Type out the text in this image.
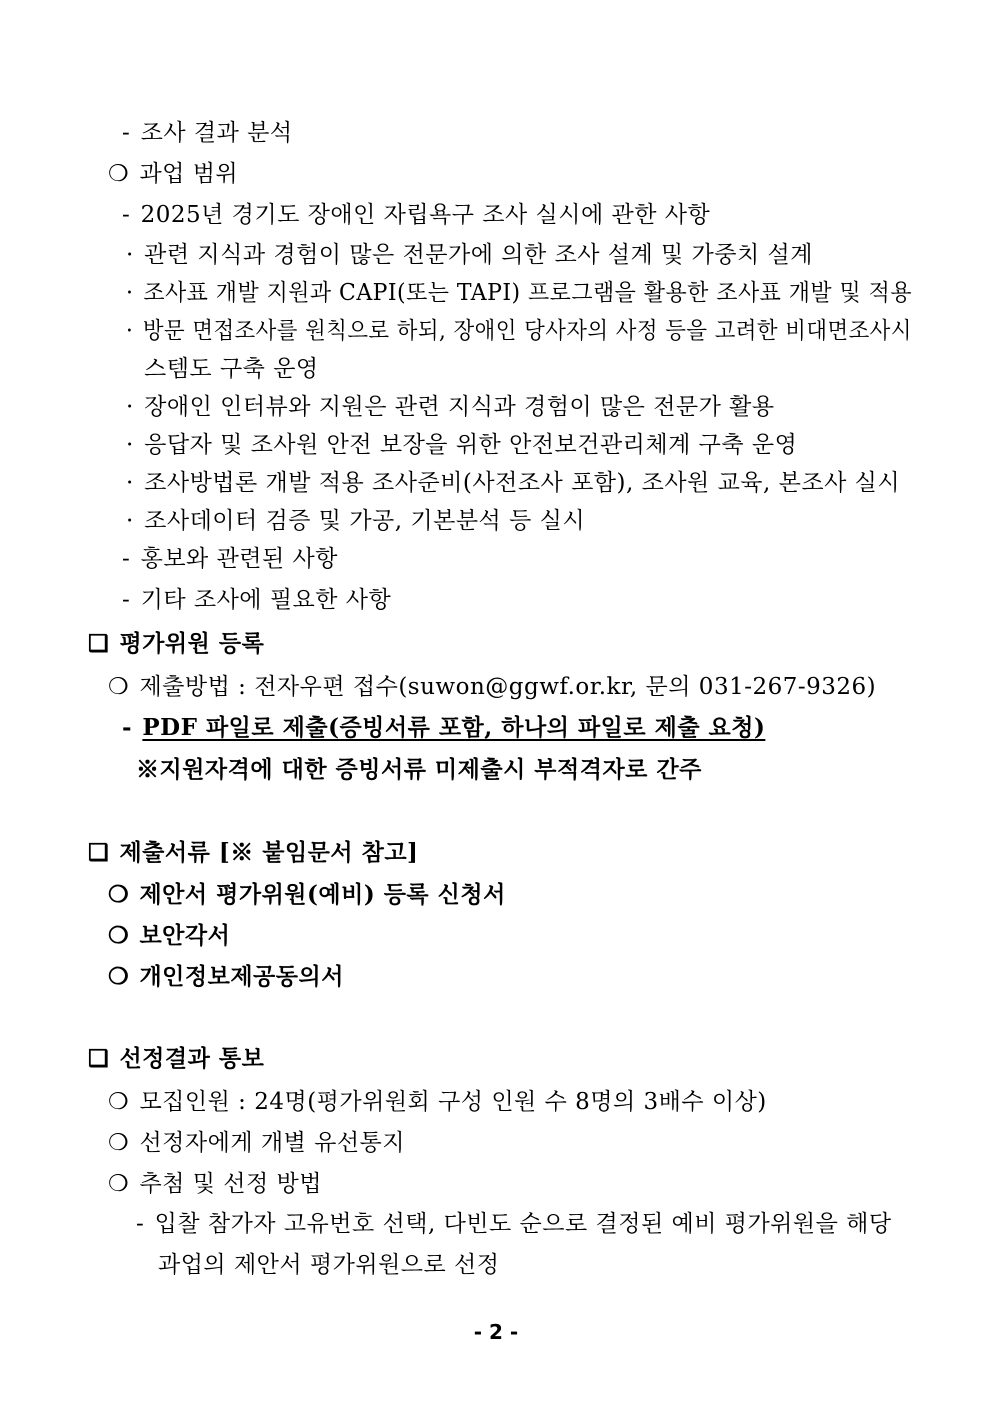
- 조사 결과 분석
❍ 과업 범위
- 2025년 경기도 장애인 자립욕구 조사 실시에 관한 사항
· 관련 지식과 경험이 많은 전문가에 의한 조사 설계 및 가중치 설계
· 조사표 개발 지원과 CAPI(또는 TAPI) 프로그램을 활용한 조사표 개발 및 적용
· 방문 면접조사를 원칙으로 하되, 장애인 당사자의 사정 등을 고려한 비대면조사시
스템도 구축 운영
· 장애인 인터뷰와 지원은 관련 지식과 경험이 많은 전문가 활용
· 응답자 및 조사원 안전 보장을 위한 안전보건관리체계 구축 운영
· 조사방법론 개발 적용 조사준비(사전조사 포함), 조사원 교육, 본조사 실시
· 조사데이터 검증 및 가공, 기본분석 등 실시
- 홍보와 관련된 사항
- 기타 조사에 필요한 사항
❑ 평가위원 등록
❍ 제출방법 : 전자우편 접수(suwon@ggwf.or.kr, 문의 031-267-9326)
- PDF 파일로 제출(증빙서류 포함, 하나의 파일로 제출 요청)
※지원자격에 대한 증빙서류 미제출시 부적격자로 간주
❑ 제출서류 [※ 붙임문서 참고]
❍ 제안서 평가위원(예비) 등록 신청서
❍ 보안각서
❍ 개인정보제공동의서
❑ 선정결과 통보
❍ 모집인원 : 24명(평가위원회 구성 인원 수 8명의 3배수 이상)
❍ 선정자에게 개별 유선통지
❍ 추첨 및 선정 방법
- 입찰 참가자 고유번호 선택, 다빈도 순으로 결정된 예비 평가위원을 해당
과업의 제안서 평가위원으로 선정
- 2 -
